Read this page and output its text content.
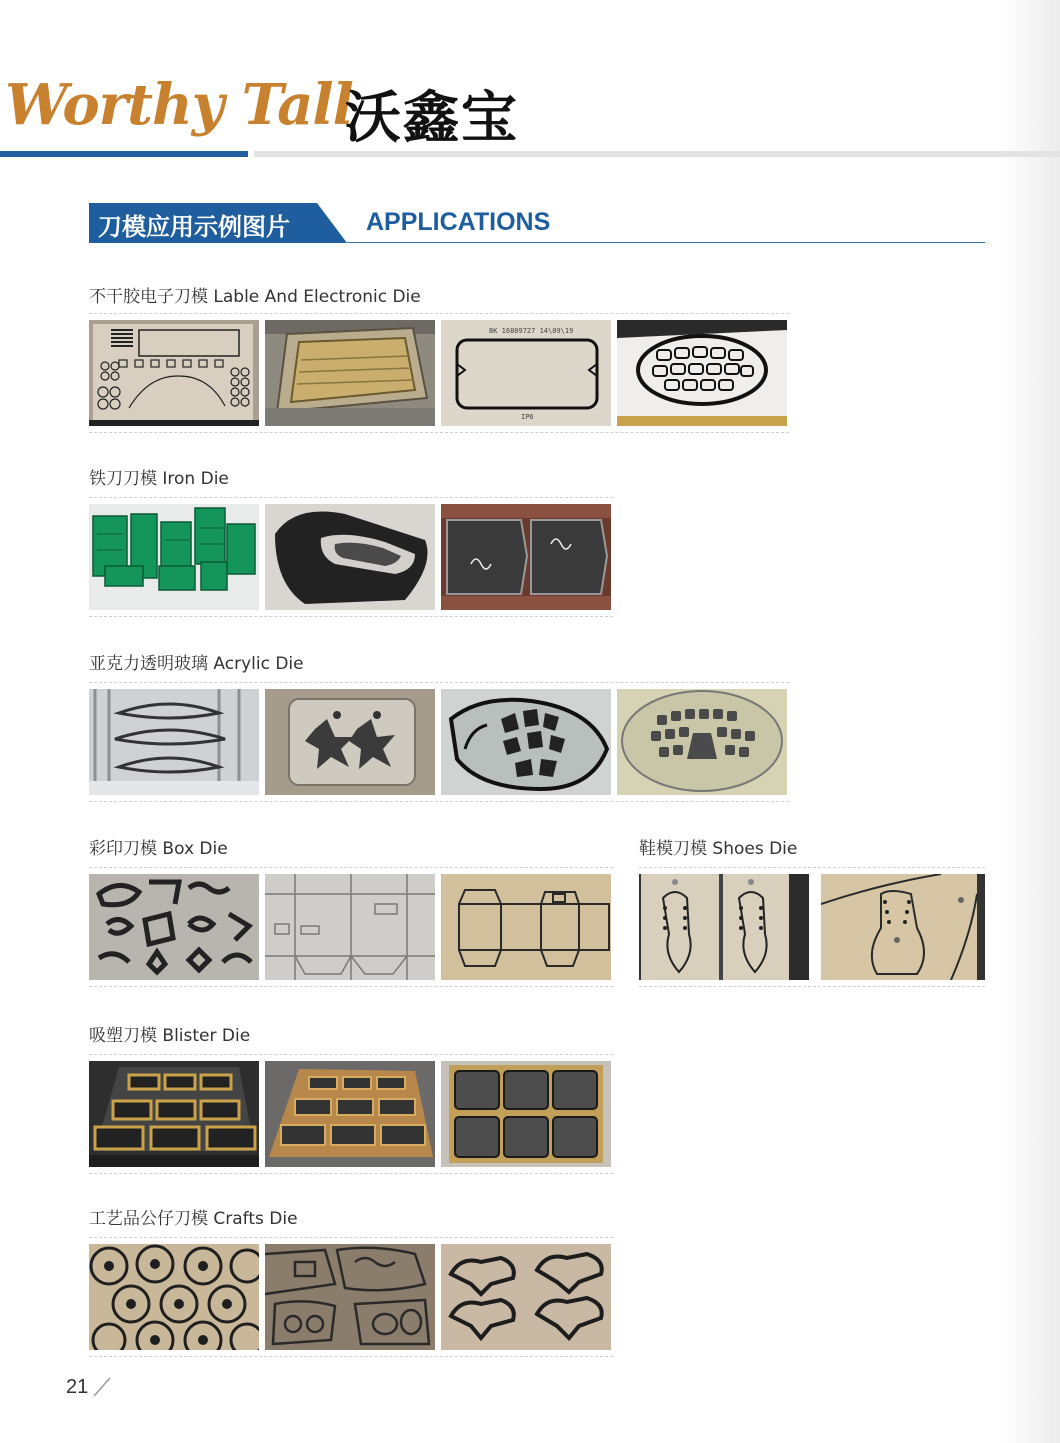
Worthy Tall
沃鑫宝
刀模应用示例图片	APPLICATIONS
不干胶电子刀模 Lable And Electronic Die
BK 16809727 14\09\19
IP6
铁刀刀模 Iron Die
亚克力透明玻璃 Acrylic Die
彩印刀模 Box Die	鞋模刀模 Shoes Die
吸塑刀模 Blister Die
工艺品公仔刀模 Crafts Die
21
